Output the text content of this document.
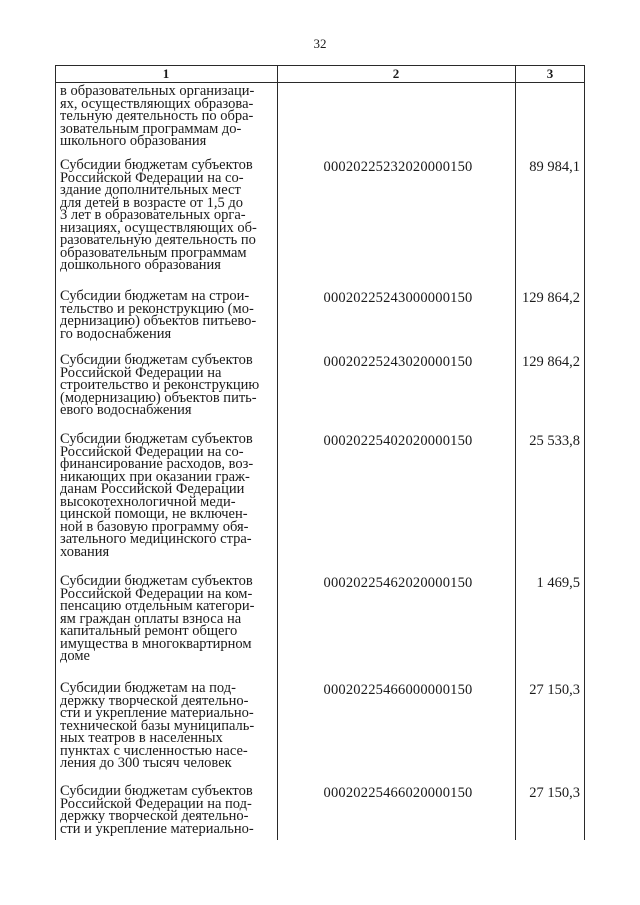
32
1	2	3
в образовательных организаци-
ях, осуществляющих образова-
тельную деятельность по обра-
зовательным программам до-
школьного образования
Субсидии бюджетам субъектов
Российской Федерации на со-
здание дополнительных мест
для детей в возрасте от 1,5 до
3 лет в образовательных орга-
низациях, осуществляющих об-
разовательную деятельность по
образовательным программам
дошкольного образования
00020225232020000150	89 984,1
Субсидии бюджетам на строи-
тельство и реконструкцию (мо-
дернизацию) объектов питьево-
го водоснабжения
00020225243000000150	129 864,2
Субсидии бюджетам субъектов
Российской Федерации на
строительство и реконструкцию
(модернизацию) объектов пить-
евого водоснабжения
00020225243020000150	129 864,2
Субсидии бюджетам субъектов
Российской Федерации на со-
финансирование расходов, воз-
никающих при оказании граж-
данам Российской Федерации
высокотехнологичной меди-
цинской помощи, не включен-
ной в базовую программу обя-
зательного медицинского стра-
хования
00020225402020000150	25 533,8
Субсидии бюджетам субъектов
Российской Федерации на ком-
пенсацию отдельным категори-
ям граждан оплаты взноса на
капитальный ремонт общего
имущества в многоквартирном
доме
00020225462020000150	1 469,5
Субсидии бюджетам на под-
держку творческой деятельно-
сти и укрепление материально-
технической базы муниципаль-
ных театров в населенных
пунктах с численностью насе-
ления до 300 тысяч человек
00020225466000000150	27 150,3
Субсидии бюджетам субъектов
Российской Федерации на под-
держку творческой деятельно-
сти и укрепление материально-
00020225466020000150	27 150,3
